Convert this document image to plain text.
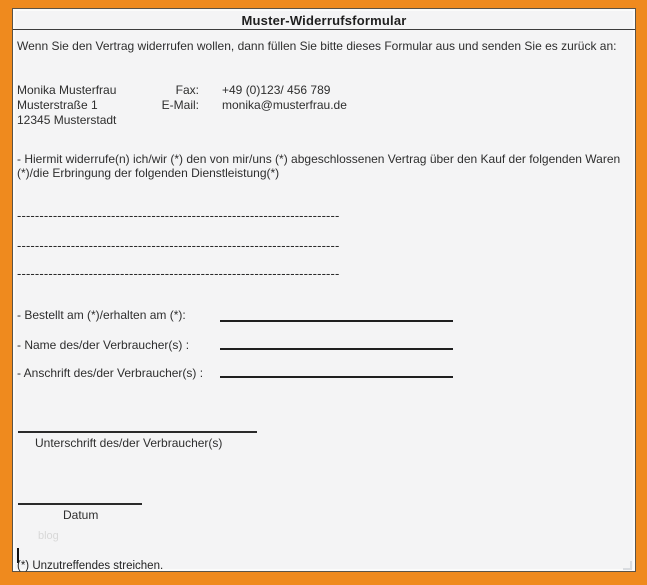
Muster-Widerrufsformular
Wenn Sie den Vertrag widerrufen wollen, dann füllen Sie bitte dieses Formular aus und senden Sie es zurück an:
Monika Musterfrau
Musterstraße 1
12345 Musterstadt
Fax:
E-Mail:
+49 (0)123/ 456 789
monika@musterfrau.de
- Hiermit widerrufe(n) ich/wir (*) den von mir/uns (*) abgeschlossenen Vertrag über den Kauf der folgenden Waren (*)/die Erbringung der folgenden Dienstleistung(*)
------------------------------------------------------------------------
------------------------------------------------------------------------
------------------------------------------------------------------------
- Bestellt am (*)/erhalten am (*):
- Name des/der Verbraucher(s) :
- Anschrift des/der Verbraucher(s) :
Unterschrift des/der Verbraucher(s)
Datum
blog
(*) Unzutreffendes streichen.
